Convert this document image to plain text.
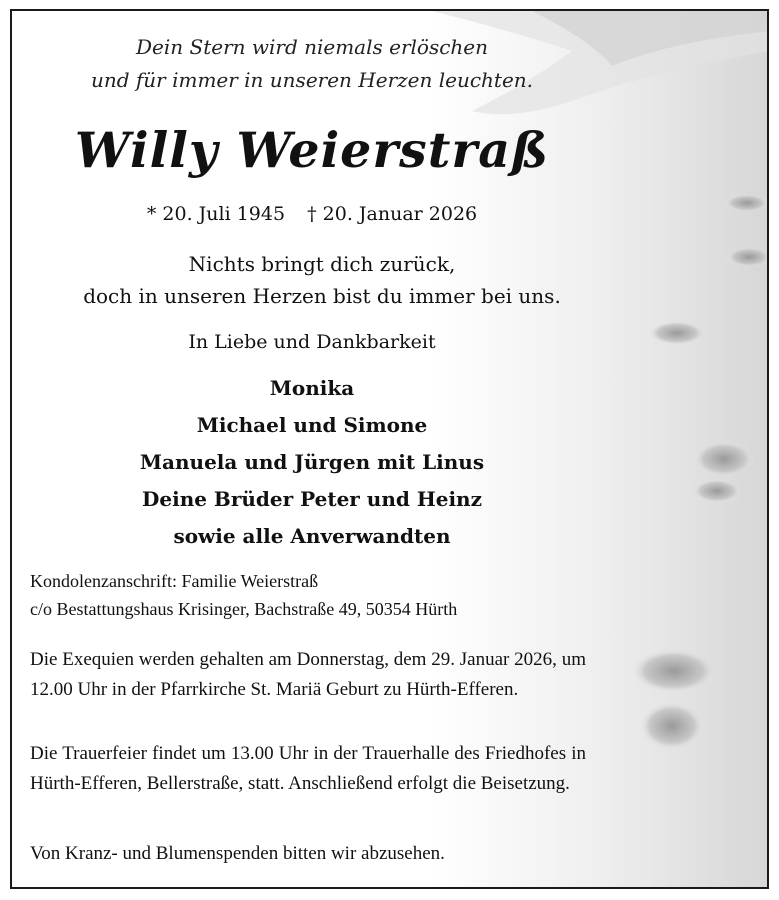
Dein Stern wird niemals erlöschen
und für immer in unseren Herzen leuchten.
Willy Weierstraß
* 20. Juli 1945 † 20. Januar 2026
Nichts bringt dich zurück,
doch in unseren Herzen bist du immer bei uns.
In Liebe und Dankbarkeit
Monika
Michael und Simone
Manuela und Jürgen mit Linus
Deine Brüder Peter und Heinz
sowie alle Anverwandten
Kondolenzanschrift: Familie Weierstraß
c/o Bestattungshaus Krisinger, Bachstraße 49, 50354 Hürth
Die Exequien werden gehalten am Donnerstag, dem 29. Januar 2026, um 12.00 Uhr in der Pfarrkirche St. Mariä Geburt zu Hürth-Efferen.
Die Trauerfeier findet um 13.00 Uhr in der Trauerhalle des Friedhofes in Hürth-Efferen, Bellerstraße, statt. Anschließend erfolgt die Beisetzung.
Von Kranz- und Blumenspenden bitten wir abzusehen.
